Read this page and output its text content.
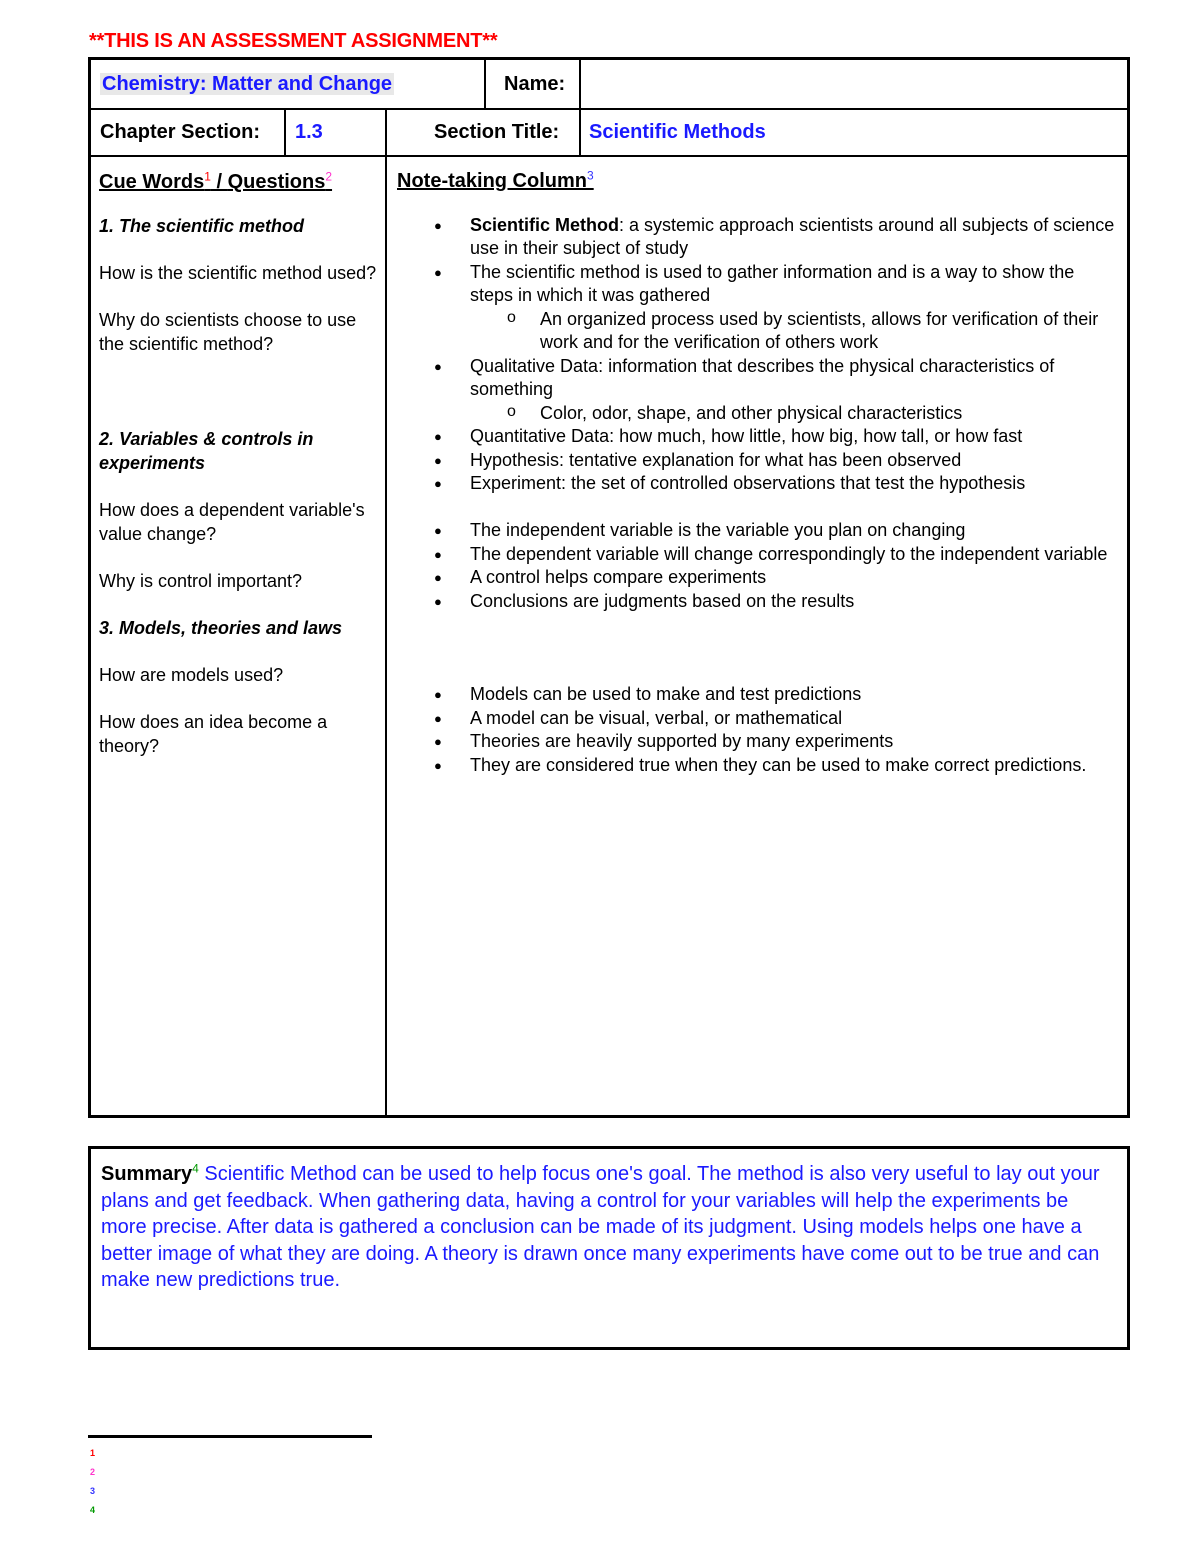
**THIS IS AN ASSESSMENT ASSIGNMENT**
Chemistry: Matter and Change	Name:
Chapter Section: 1.3	Section Title: Scientific Methods

Cue Words$^1$ / Questions$^2$

1. The scientific method

How is the scientific method used?

Why do scientists choose to use the scientific method?

2. Variables & controls in experiments

How does a dependent variable's value change?

Why is control important?

3. Models, theories and laws

How are models used?

How does an idea become a theory?

Note-taking Column$^3$
● Scientific Method: a systemic approach scientists around all subjects of science use in their subject of study
● The scientific method is used to gather information and is a way to show the steps in which it was gathered
o An organized process used by scientists, allows for verification of their work and for the verification of others work
● Qualitative Data: information that describes the physical characteristics of something
o Color, odor, shape, and other physical characteristics
● Quantitative Data: how much, how little, how big, how tall, or how fast
● Hypothesis: tentative explanation for what has been observed
● Experiment: the set of controlled observations that test the hypothesis
● The independent variable is the variable you plan on changing
● The dependent variable will change correspondingly to the independent variable
● A control helps compare experiments
● Conclusions are judgments based on the results
● Models can be used to make and test predictions
● A model can be visual, verbal, or mathematical
● Theories are heavily supported by many experiments
● They are considered true when they can be used to make correct predictions.
Summary$^4$ Scientific Method can be used to help focus one's goal. The method is also very useful to lay out your plans and get feedback. When gathering data, having a control for your variables will help the experiments be more precise. After data is gathered a conclusion can be made of its judgment. Using models helps one have a better image of what they are doing. A theory is drawn once many experiments have come out to be true and can make new predictions true.
1
2
3
4
